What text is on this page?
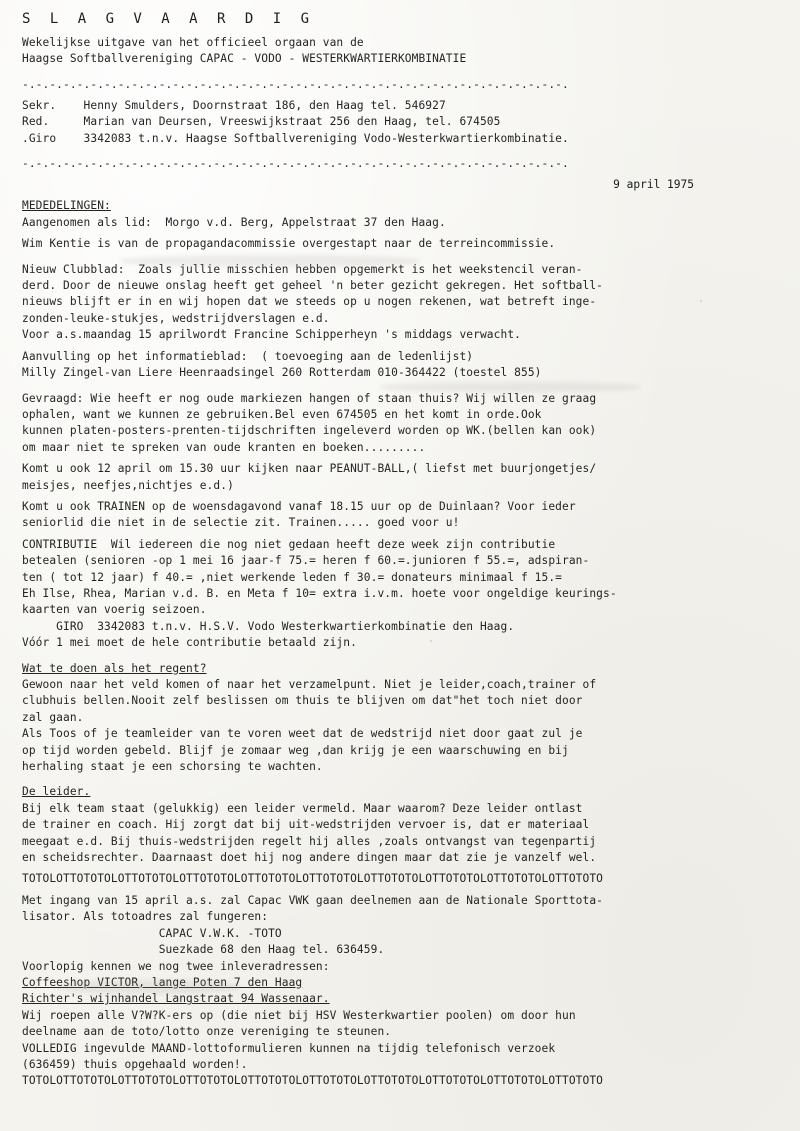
S L A G V A A R D I G
Wekelijkse uitgave van het officieel orgaan van de
Haagse Softballvereniging CAPAC - VODO - WESTERKWARTIERKOMBINATIE
-.-.-.-.-.-.-.-.-.-.-.-.-.-.-.-.-.-.-.-.-.-.-.-.-.-.-.-.-.-.-.-.-.-.-.-.-.-.-.-.
Sekr.    Henny Smulders, Doornstraat 186, den Haag tel. 546927
Red.     Marian van Deursen, Vreeswijkstraat 256 den Haag, tel. 674505
.Giro    3342083 t.n.v. Haagse Softballvereniging Vodo-Westerkwartierkombinatie.
-.-.-.-.-.-.-.-.-.-.-.-.-.-.-.-.-.-.-.-.-.-.-.-.-.-.-.-.-.-.-.-.-.-.-.-.-.-.-.-.
9 april 1975
MEDEDELINGEN:
Aangenomen als lid:  Morgo v.d. Berg, Appelstraat 37 den Haag.
Wim Kentie is van de propagandacommissie overgestapt naar de terreincommissie.
Nieuw Clubblad:  Zoals jullie misschien hebben opgemerkt is het weekstencil veran-
derd. Door de nieuwe onslag heeft get geheel 'n beter gezicht gekregen. Het softball-
nieuws blijft er in en wij hopen dat we steeds op u nogen rekenen, wat betreft inge-
zonden-leuke-stukjes, wedstrijdverslagen e.d.
Voor a.s.maandag 15 aprilwordt Francine Schipperheyn 's middags verwacht.
Aanvulling op het informatieblad:  ( toevoeging aan de ledenlijst)
Milly Zingel-van Liere Heenraadsingel 260 Rotterdam 010-364422 (toestel 855)
Gevraagd: Wie heeft er nog oude markiezen hangen of staan thuis? Wij willen ze graag
ophalen, want we kunnen ze gebruiken.Bel even 674505 en het komt in orde.Ook
kunnen platen-posters-prenten-tijdschriften ingeleverd worden op WK.(bellen kan ook)
om maar niet te spreken van oude kranten en boeken.........
Komt u ook 12 april om 15.30 uur kijken naar PEANUT-BALL,( liefst met buurjongetjes/
meisjes, neefjes,nichtjes e.d.)
Komt u ook TRAINEN op de woensdagavond vanaf 18.15 uur op de Duinlaan? Voor ieder
seniorlid die niet in de selectie zit. Trainen..... goed voor u!
CONTRIBUTIE  Wil iedereen die nog niet gedaan heeft deze week zijn contributie
betealen (senioren -op 1 mei 16 jaar-f 75.= heren f 60.=.junioren f 55.=, adspiran-
ten ( tot 12 jaar) f 40.= ,niet werkende leden f 30.= donateurs minimaal f 15.=
Eh Ilse, Rhea, Marian v.d. B. en Meta f 10= extra i.v.m. hoete voor ongeldige keurings-
kaarten van voerig seizoen.
GIRO  3342083 t.n.v. H.S.V. Vodo Westerkwartierkombinatie den Haag.
Vóór 1 mei moet de hele contributie betaald zijn.
Wat te doen als het regent?
Gewoon naar het veld komen of naar het verzamelpunt. Niet je leider,coach,trainer of
clubhuis bellen.Nooit zelf beslissen om thuis te blijven om dat"het toch niet door
zal gaan.
Als Toos of je teamleider van te voren weet dat de wedstrijd niet door gaat zul je
op tijd worden gebeld. Blijf je zomaar weg ,dan krijg je een waarschuwing en bij
herhaling staat je een schorsing te wachten.
De leider.
Bij elk team staat (gelukkig) een leider vermeld. Maar waarom? Deze leider ontlast
de trainer en coach. Hij zorgt dat bij uit-wedstrijden vervoer is, dat er materiaal
meegaat e.d. Bij thuis-wedstrijden regelt hij alles ,zoals ontvangst van tegenpartij
en scheidsrechter. Daarnaast doet hij nog andere dingen maar dat zie je vanzelf wel.
TOTOLOTTOTOTOLOTTOTOTOLOTTOTOTOLOTTOTOTOLOTTOTOTOLOTTOTOTOLOTTOTOTOLOTTOTOTOLOTTOTOTO
Met ingang van 15 april a.s. zal Capac VWK gaan deelnemen aan de Nationale Sporttota-
lisator. Als totoadres zal fungeren:
CAPAC V.W.K. -TOTO
Suezkade 68 den Haag tel. 636459.
Voorlopig kennen we nog twee inleveradressen:
Coffeeshop VICTOR, lange Poten 7 den Haag
Richter's wijnhandel Langstraat 94 Wassenaar.
Wij roepen alle V?W?K-ers op (die niet bij HSV Westerkwartier poolen) om door hun
deelname aan de toto/lotto onze vereniging te steunen.
VOLLEDIG ingevulde MAAND-lottoformulieren kunnen na tijdig telefonisch verzoek
(636459) thuis opgehaald worden!.
TOTOLOTTOTOTOLOTTOTOTOLOTTOTOTOLOTTOTOTOLOTTOTOTOLOTTOTOTOLOTTOTOTOLOTTOTOTOLOTTOTOTO
